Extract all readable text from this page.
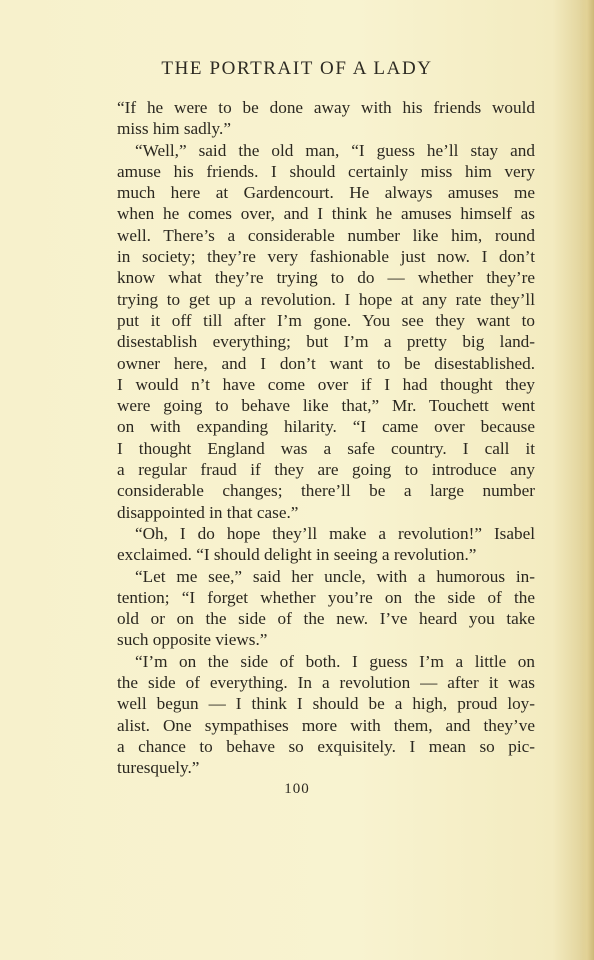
THE PORTRAIT OF A LADY
“If he were to be done away with his friends would
miss him sadly.”
“Well,” said the old man, “I guess he’ll stay and
amuse his friends. I should certainly miss him very
much here at Gardencourt. He always amuses me
when he comes over, and I think he amuses himself as
well. There’s a considerable number like him, round
in society; they’re very fashionable just now. I don’t
know what they’re trying to do — whether they’re
trying to get up a revolution. I hope at any rate they’ll
put it off till after I’m gone. You see they want to
disestablish everything; but I’m a pretty big land-
owner here, and I don’t want to be disestablished.
I would n’t have come over if I had thought they
were going to behave like that,” Mr. Touchett went
on with expanding hilarity. “I came over because
I thought England was a safe country. I call it
a regular fraud if they are going to introduce any
considerable changes; there’ll be a large number
disappointed in that case.”
“Oh, I do hope they’ll make a revolution!” Isabel
exclaimed. “I should delight in seeing a revolution.”
“Let me see,” said her uncle, with a humorous in-
tention; “I forget whether you’re on the side of the
old or on the side of the new. I’ve heard you take
such opposite views.”
“I’m on the side of both. I guess I’m a little on
the side of everything. In a revolution — after it was
well begun — I think I should be a high, proud loy-
alist. One sympathises more with them, and they’ve
a chance to behave so exquisitely. I mean so pic-
turesquely.”
100
